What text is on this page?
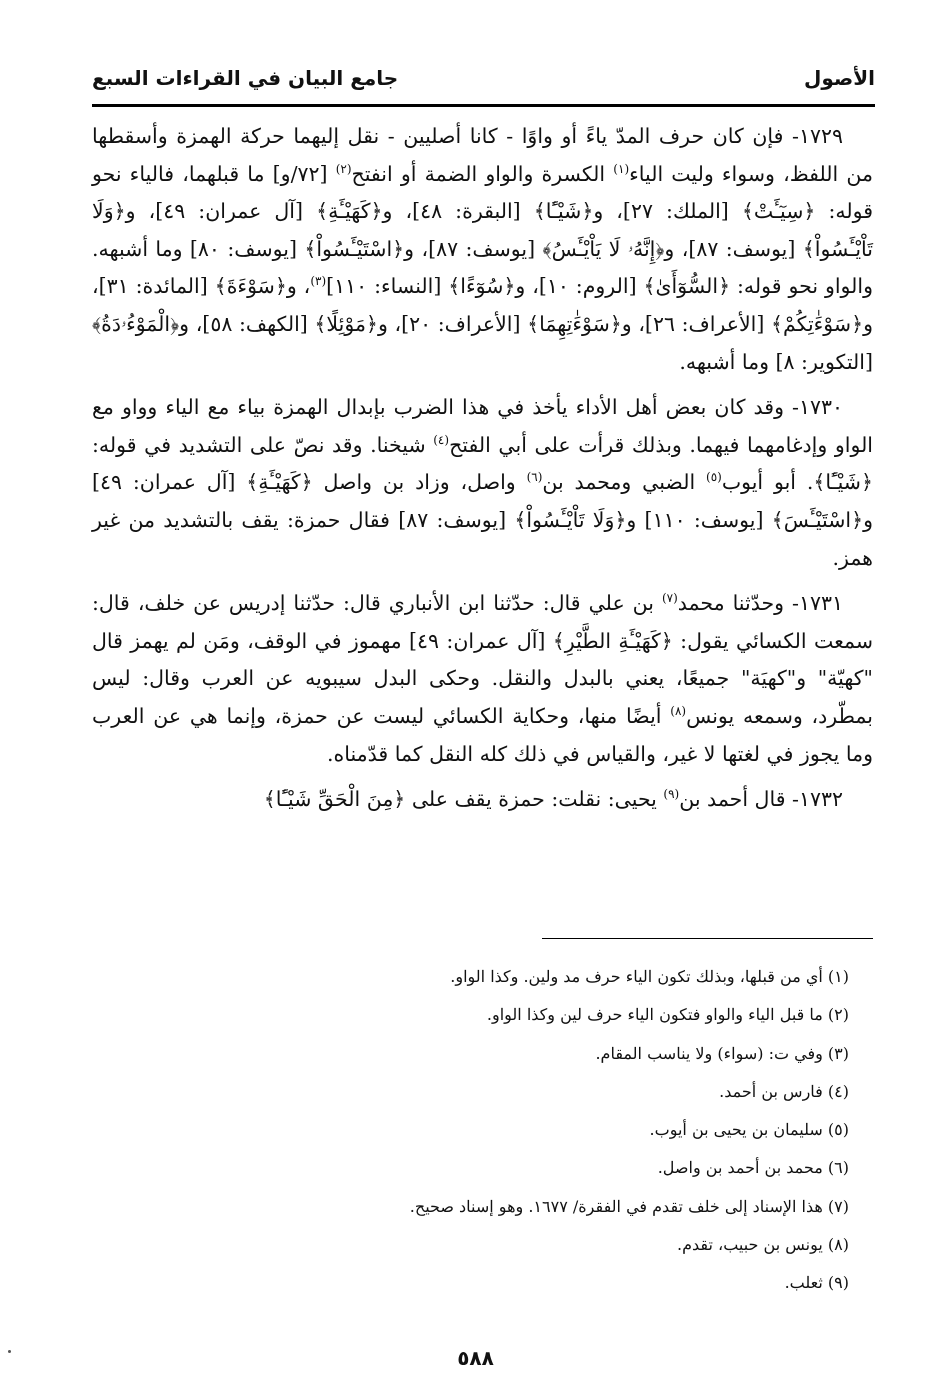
الأصول
جامع البيان في القراءات السبع

١٧٢٩- فإن كان حرف المدّ ياءً أو واوًا - كانا أصليين - نقل إليهما حركة الهمزة وأسقطها من اللفظ، وسواء وليت الياء$^{(١)}$ الكسرة والواو الضمة أو انفتح$^{(٢)}$ [٧٢/و] ما قبلهما، فالياء نحو قوله: ﴿سِيٓـَٔتْ﴾ [الملك: ٢٧]، و﴿شَيْـًٔا﴾ [البقرة: ٤٨]، و﴿كَهَيْـَٔةِ﴾ [آل عمران: ٤٩]، و﴿وَلَا تَاْيْـَٔسُواْ﴾ [يوسف: ٨٧]، و﴿إِنَّهُۥ لَا يَاْيْـَٔسُ﴾ [يوسف: ٨٧]، و﴿اسْتَيْـَٔسُواْ﴾ [يوسف: ٨٠] وما أشبهه. والواو نحو قوله: ﴿السُّوٓأَىٰ﴾ [الروم: ١٠]، و﴿سُوٓءًا﴾ [النساء: ١١٠]$^{(٣)}$، و﴿سَوْءَةَ﴾ [المائدة: ٣١]، و﴿سَوْءَٰتِكُمْ﴾ [الأعراف: ٢٦]، و﴿سَوْءَٰتِهِمَا﴾ [الأعراف: ٢٠]، و﴿مَوْئِلًا﴾ [الكهف: ٥٨]، و﴿الْمَوْءُۥدَةُ﴾ [التكوير: ٨] وما أشبهه.

١٧٣٠- وقد كان بعض أهل الأداء يأخذ في هذا الضرب بإبدال الهمزة بياء مع الياء وواو مع الواو وإدغامهما فيهما. وبذلك قرأت على أبي الفتح$^{(٤)}$ شيخنا. وقد نصّ على التشديد في قوله: ﴿شَيْـًٔا﴾. أبو أيوب$^{(٥)}$ الضبي ومحمد بن$^{(٦)}$ واصل، وزاد بن واصل ﴿كَهَيْـَٔةِ﴾ [آل عمران: ٤٩] و﴿اسْتَيْـَٔسَ﴾ [يوسف: ١١٠] و﴿وَلَا تَاْيْـَٔسُواْ﴾ [يوسف: ٨٧] فقال حمزة: يقف بالتشديد من غير همز.

١٧٣١- وحدّثنا محمد$^{(٧)}$ بن علي قال: حدّثنا ابن الأنباري قال: حدّثنا إدريس عن خلف، قال: سمعت الكسائي يقول: ﴿كَهَيْـَٔةِ الطَّيْرِ﴾ [آل عمران: ٤٩] مهموز في الوقف، ومَن لم يهمز قال "كهيّة" و"كهيَة" جميعًا، يعني بالبدل والنقل. وحكى البدل سيبويه عن العرب وقال: ليس بمطّرد، وسمعه يونس$^{(٨)}$ أيضًا منها، وحكاية الكسائي ليست عن حمزة، وإنما هي عن العرب وما يجوز في لغتها لا غير، والقياس في ذلك كله النقل كما قدّمناه.

١٧٣٢- قال أحمد بن$^{(٩)}$ يحيى: نقلت: حمزة يقف على ﴿مِنَ الْحَقِّ شَيْـًٔا﴾

(١) أي من قبلها، وبذلك تكون الياء حرف مد ولين. وكذا الواو.
(٢) ما قبل الياء والواو فتكون الياء حرف لين وكذا الواو.
(٣) وفي ت: (سواء) ولا يناسب المقام.
(٤) فارس بن أحمد.
(٥) سليمان بن يحيى بن أيوب.
(٦) محمد بن أحمد بن واصل.
(٧) هذا الإسناد إلى خلف تقدم في الفقرة/ ١٦٧٧. وهو إسناد صحيح.
(٨) يونس بن حبيب، تقدم.
(٩) ثعلب.
٥٨٨
